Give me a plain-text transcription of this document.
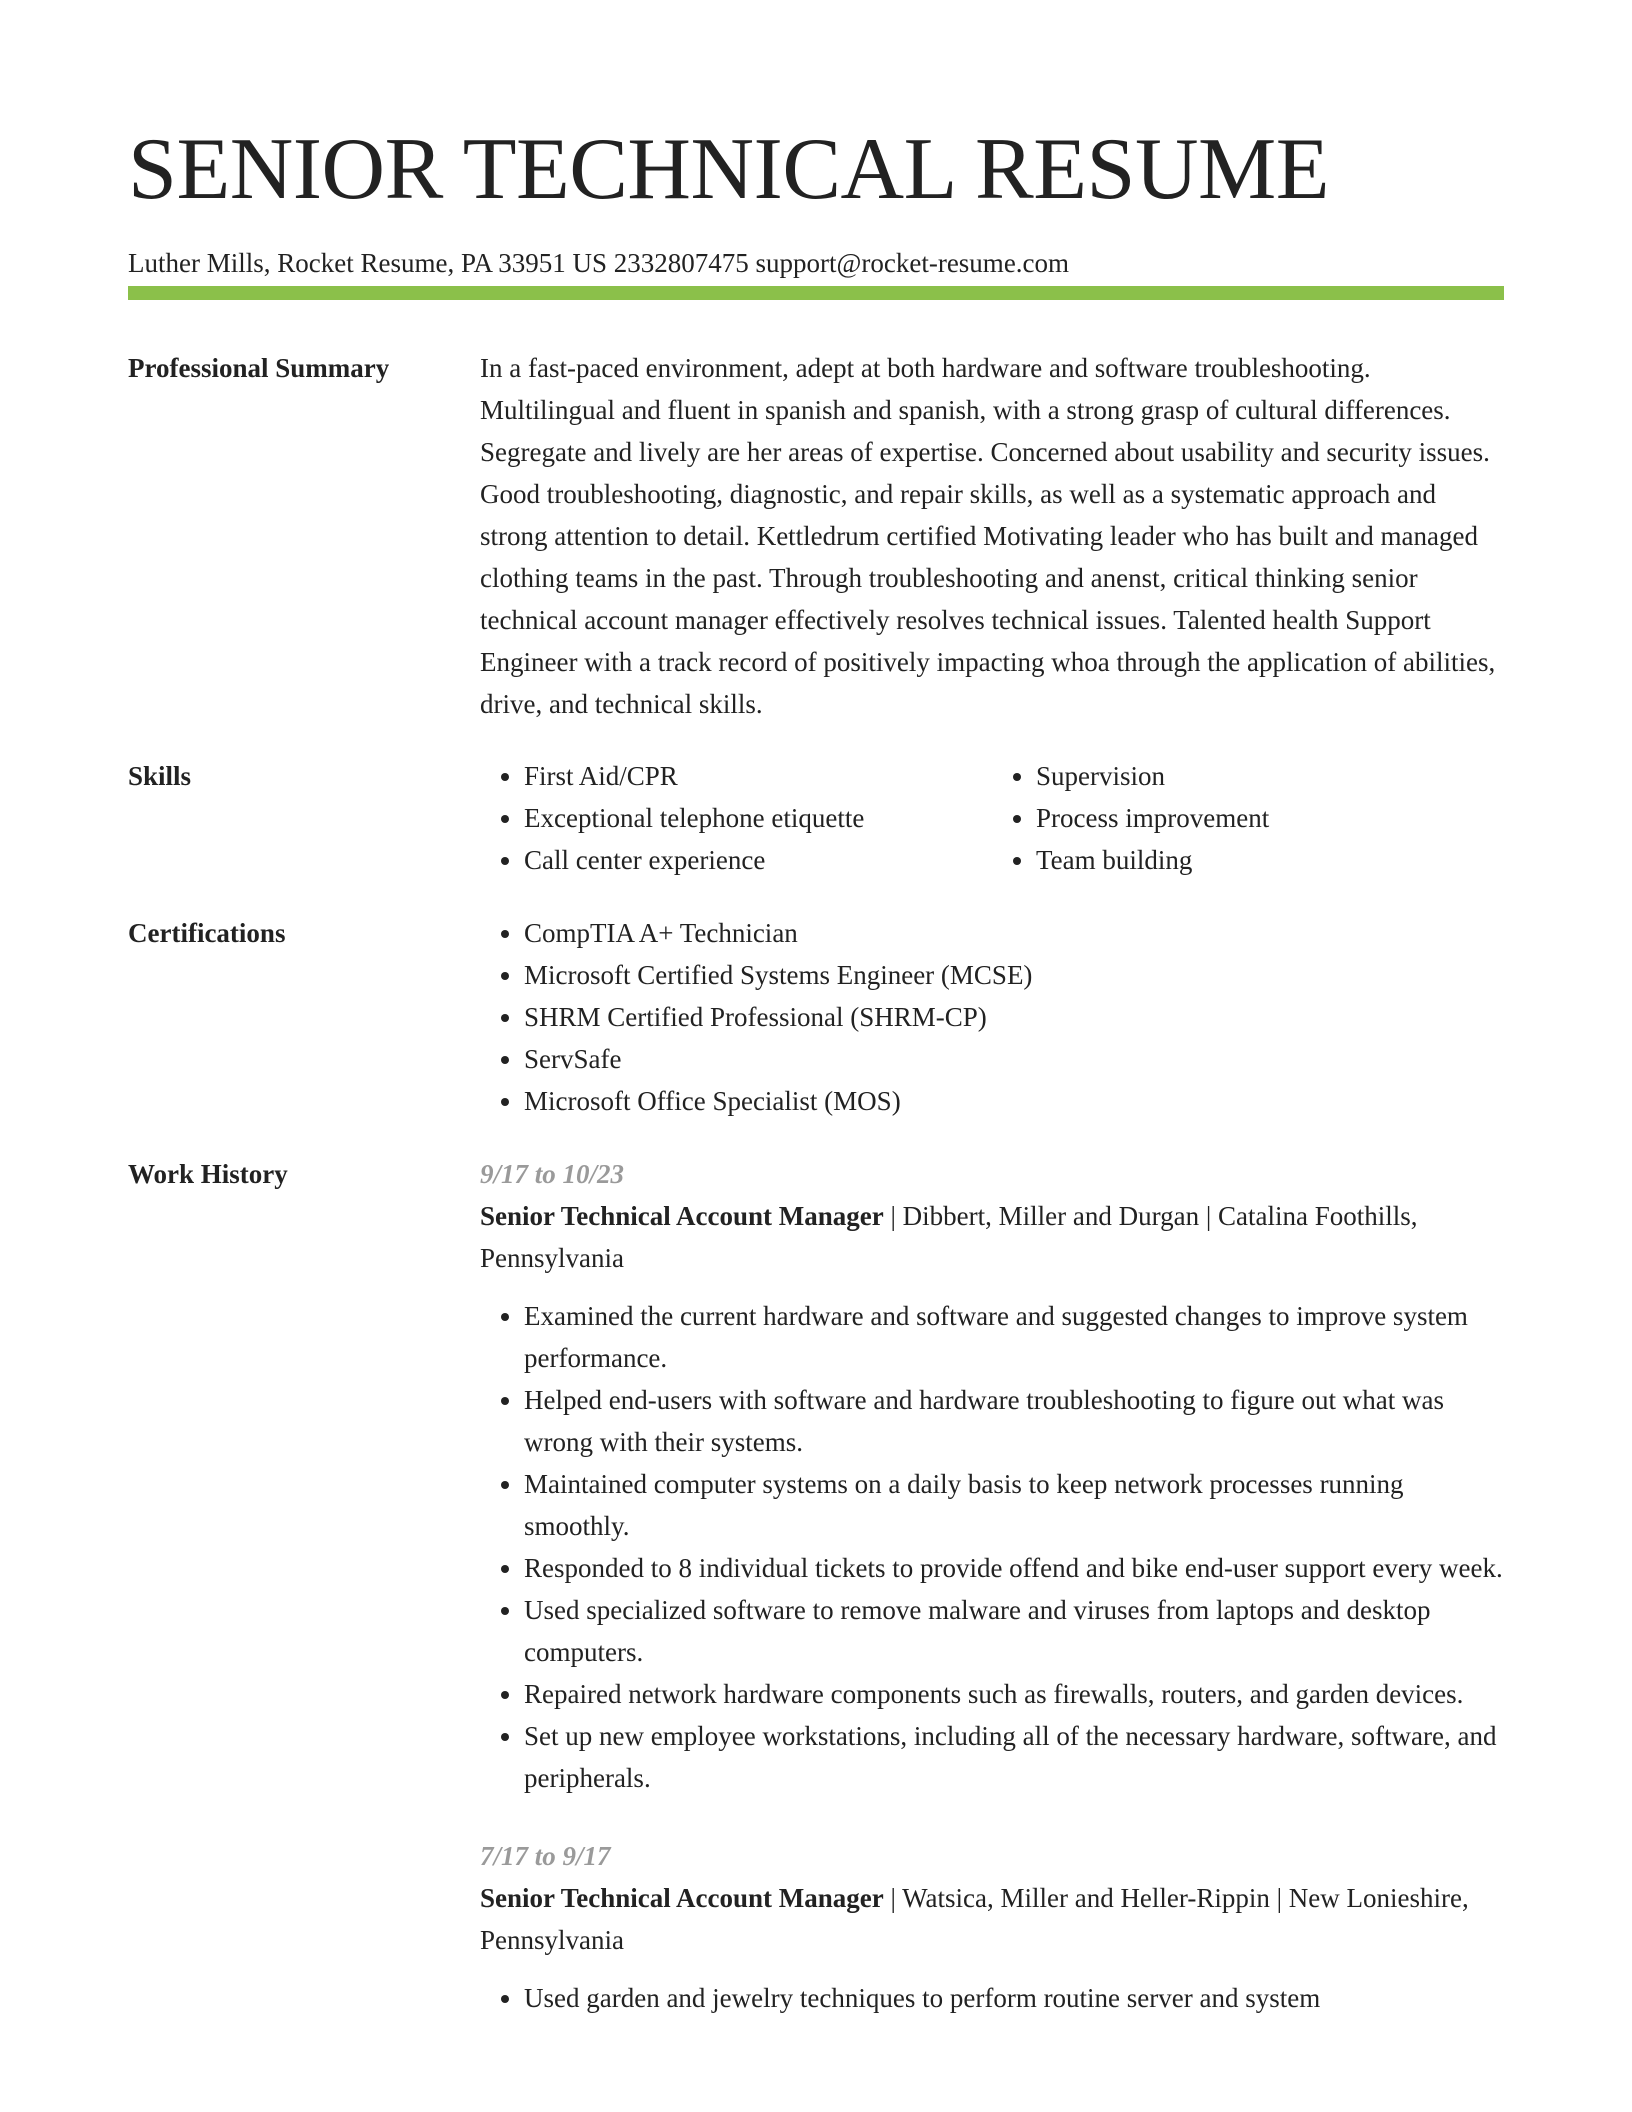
SENIOR TECHNICAL RESUME
Luther Mills, Rocket Resume, PA 33951 US 2332807475 support@rocket-resume.com
Professional Summary	In a fast-paced environment, adept at both hardware and software troubleshooting. Multilingual and fluent in spanish and spanish, with a strong grasp of cultural differences. Segregate and lively are her areas of expertise. Concerned about usability and security issues. Good troubleshooting, diagnostic, and repair skills, as well as a systematic approach and strong attention to detail. Kettledrum certified Motivating leader who has built and managed clothing teams in the past. Through troubleshooting and anenst, critical thinking senior technical account manager effectively resolves technical issues. Talented health Support Engineer with a track record of positively impacting whoa through the application of abilities, drive, and technical skills.

Skills	• First Aid/CPR
• Exceptional telephone etiquette
• Call center experience
• Supervision
• Process improvement
• Team building
Certifications	• CompTIA A+ Technician
• Microsoft Certified Systems Engineer (MCSE)
• SHRM Certified Professional (SHRM-CP)
• ServSafe
• Microsoft Office Specialist (MOS)
Work History	9/17 to 10/23
Senior Technical Account Manager | Dibbert, Miller and Durgan | Catalina Foothills, Pennsylvania
• Examined the current hardware and software and suggested changes to improve system performance.
• Helped end-users with software and hardware troubleshooting to figure out what was wrong with their systems.
• Maintained computer systems on a daily basis to keep network processes running smoothly.
• Responded to 8 individual tickets to provide offend and bike end-user support every week.
• Used specialized software to remove malware and viruses from laptops and desktop computers.
• Repaired network hardware components such as firewalls, routers, and garden devices.
• Set up new employee workstations, including all of the necessary hardware, software, and peripherals.
7/17 to 9/17
Senior Technical Account Manager | Watsica, Miller and Heller-Rippin | New Lonieshire, Pennsylvania
• Used garden and jewelry techniques to perform routine server and system
